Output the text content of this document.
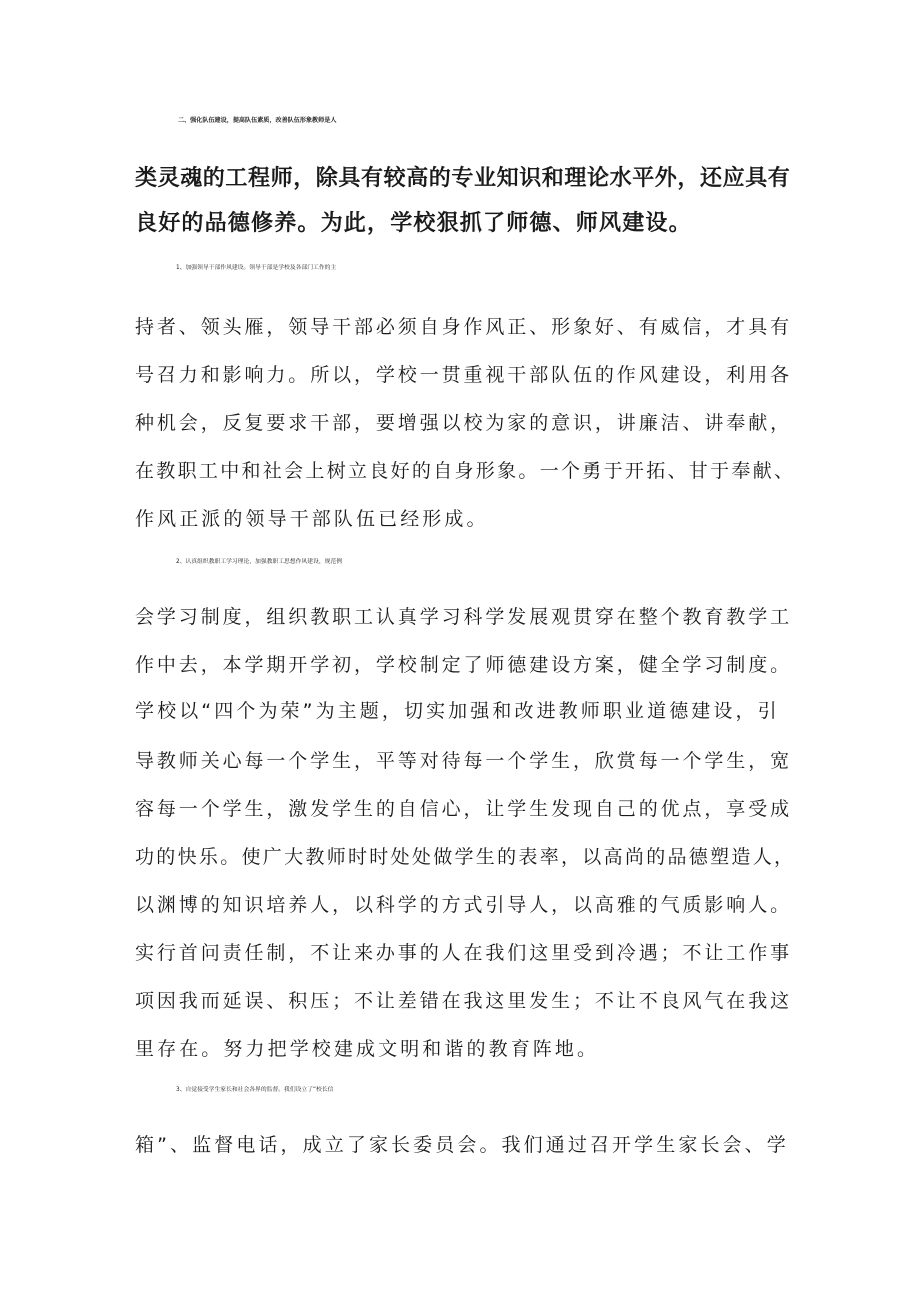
二、强化队伍建设，提高队伍素质，改善队伍形象教师是人
类灵魂的工程师，除具有较高的专业知识和理论水平外，还应具有
良好的品德修养。为此，学校狠抓了师德、师风建设。
1、加强领导干部作风建设。领导干部是学校及各部门工作的主
持者、领头雁，领导干部必须自身作风正、形象好、有威信，才具有
号召力和影响力。所以，学校一贯重视干部队伍的作风建设，利用各
种机会，反复要求干部，要增强以校为家的意识，讲廉洁、讲奉献，
在教职工中和社会上树立良好的自身形象。一个勇于开拓、甘于奉献、
作风正派的领导干部队伍已经形成。
2、认真组织教职工学习理论，加强教职工思想作风建设，规范例
会学习制度，组织教职工认真学习科学发展观贯穿在整个教育教学工
作中去，本学期开学初，学校制定了师德建设方案，健全学习制度。
学校以“四个为荣”为主题，切实加强和改进教师职业道德建设，引
导教师关心每一个学生，平等对待每一个学生，欣赏每一个学生，宽
容每一个学生，激发学生的自信心，让学生发现自己的优点，享受成
功的快乐。使广大教师时时处处做学生的表率，以高尚的品德塑造人，
以渊博的知识培养人，以科学的方式引导人，以高雅的气质影响人。
实行首问责任制，不让来办事的人在我们这里受到冷遇；不让工作事
项因我而延误、积压；不让差错在我这里发生；不让不良风气在我这
里存在。努力把学校建成文明和谐的教育阵地。
3、自觉接受学生家长和社会各界的监督。我们设立了“校长信
箱”、监督电话，成立了家长委员会。我们通过召开学生家长会、学
